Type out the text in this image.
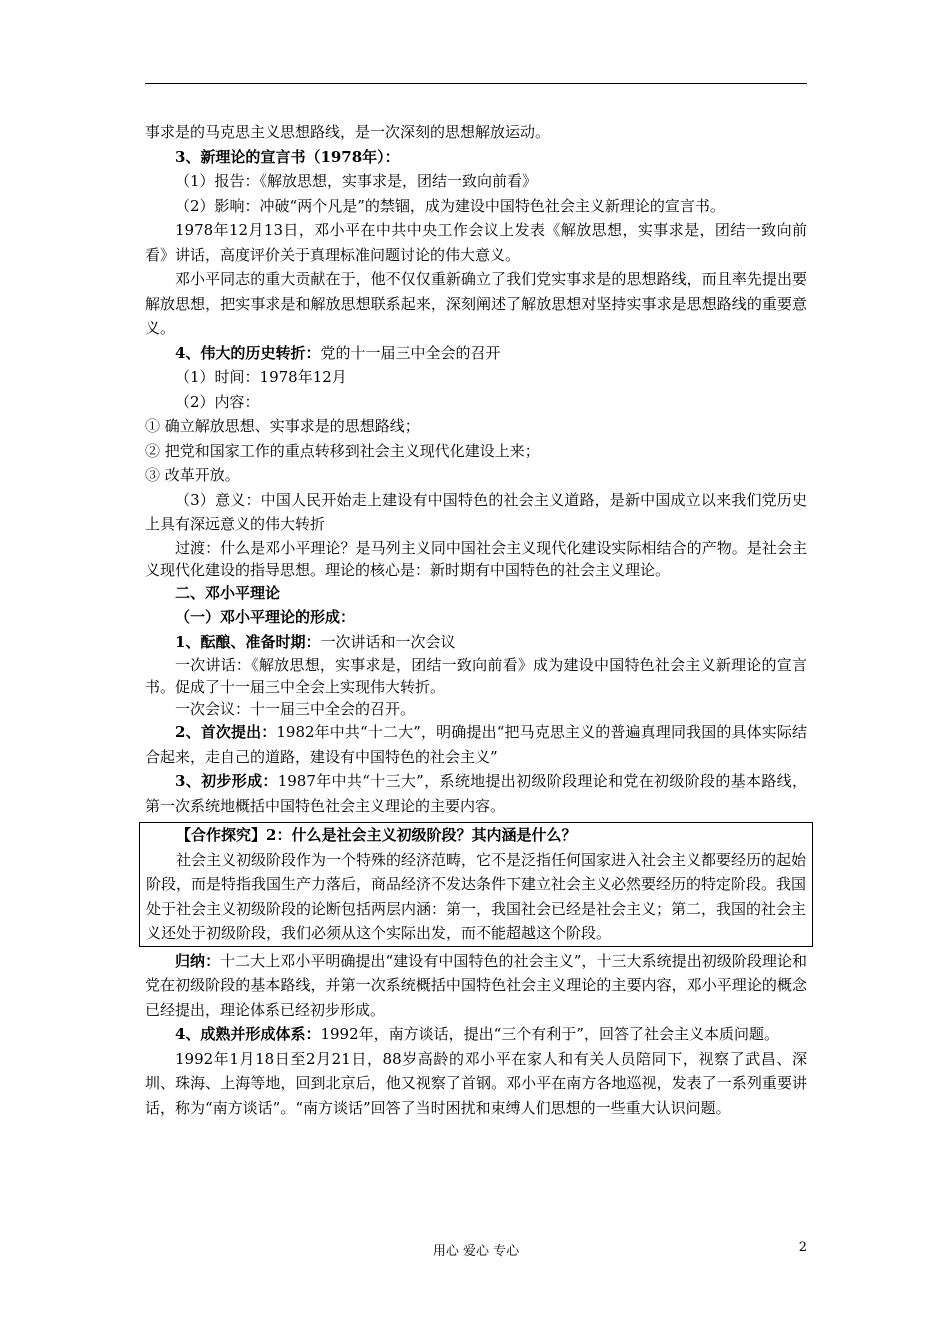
事求是的马克思主义思想路线，是一次深刻的思想解放运动。

3、新理论的宣言书（1978年）：

（1）报告：《解放思想，实事求是，团结一致向前看》

（2）影响：冲破“两个凡是”的禁锢，成为建设中国特色社会主义新理论的宣言书。

1978年12月13日，邓小平在中共中央工作会议上发表《解放思想，实事求是，团结一致向前看》讲话，高度评价关于真理标准问题讨论的伟大意义。

邓小平同志的重大贡献在于，他不仅仅重新确立了我们党实事求是的思想路线，而且率先提出要解放思想，把实事求是和解放思想联系起来，深刻阐述了解放思想对坚持实事求是思想路线的重要意义。

4、伟大的历史转折：党的十一届三中全会的召开

（1）时间：1978年12月

（2）内容：

① 确立解放思想、实事求是的思想路线；

② 把党和国家工作的重点转移到社会主义现代化建设上来；

③ 改革开放。

（3）意义：中国人民开始走上建设有中国特色的社会主义道路，是新中国成立以来我们党历史上具有深远意义的伟大转折

过渡：什么是邓小平理论？是马列主义同中国社会主义现代化建设实际相结合的产物。是社会主义现代化建设的指导思想。理论的核心是：新时期有中国特色的社会主义理论。

二、邓小平理论

（一）邓小平理论的形成：

1、酝酿、准备时期：一次讲话和一次会议

一次讲话：《解放思想，实事求是，团结一致向前看》成为建设中国特色社会主义新理论的宣言书。促成了十一届三中全会上实现伟大转折。

一次会议：十一届三中全会的召开。

2、首次提出：1982年中共“十二大”，明确提出“把马克思主义的普遍真理同我国的具体实际结合起来，走自己的道路，建设有中国特色的社会主义”

3、初步形成：1987年中共“十三大”，系统地提出初级阶段理论和党在初级阶段的基本路线，第一次系统地概括中国特色社会主义理论的主要内容。

【合作探究】2：什么是社会主义初级阶段？其内涵是什么？

社会主义初级阶段作为一个特殊的经济范畴，它不是泛指任何国家进入社会主义都要经历的起始阶段，而是特指我国生产力落后，商品经济不发达条件下建立社会主义必然要经历的特定阶段。我国处于社会主义初级阶段的论断包括两层内涵：第一，我国社会已经是社会主义；第二，我国的社会主义还处于初级阶段，我们必须从这个实际出发，而不能超越这个阶段。

归纳：十二大上邓小平明确提出“建设有中国特色的社会主义”，十三大系统提出初级阶段理论和党在初级阶段的基本路线，并第一次系统概括中国特色社会主义理论的主要内容，邓小平理论的概念已经提出，理论体系已经初步形成。

4、成熟并形成体系：1992年，南方谈话，提出“三个有利于”，回答了社会主义本质问题。

1992年1月18日至2月21日，88岁高龄的邓小平在家人和有关人员陪同下，视察了武昌、深圳、珠海、上海等地，回到北京后，他又视察了首钢。邓小平在南方各地巡视，发表了一系列重要讲话，称为“南方谈话”。“南方谈话”回答了当时困扰和束缚人们思想的一些重大认识问题。

用心 爱心 专心	2
